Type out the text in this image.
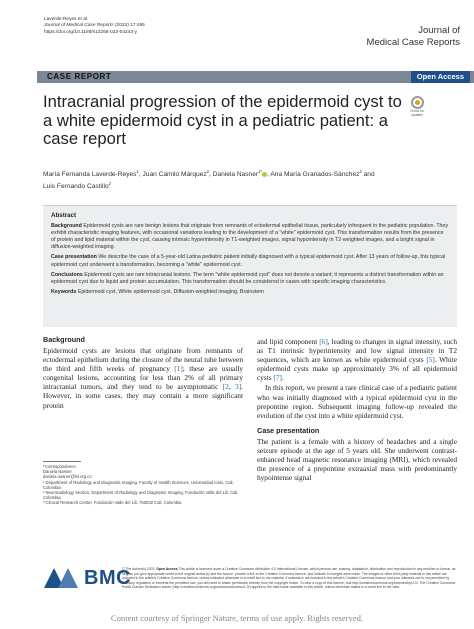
Laverde-Reyes et al.
Journal of Medical Case Reports (2023) 17:495
https://doi.org/10.1186/s13256-023-04243-y	Journal of
Medical Case Reports
CASE REPORT	Open Access
Intracranial progression of the epidermoid cyst to a white epidermoid cyst in a pediatric patient: a case report
Check for
updates
María Fernanda Laverde-Reyes$^1$, Juan Camilo Márquez$^2$, Daniela Nasner$^{1*}$ , Ana María Granados-Sánchez$^2$ and
Luis Fernando Castillo$^2$
Abstract
Background Epidermoid cysts are rare benign lesions that originate from remnants of ectodermal epithelial tissue, particularly infrequent in the pediatric population. They exhibit characteristic imaging features, with occasional variations leading to the development of a "white" epidermoid cyst. This transformation results from the presence of protein and lipid material within the cyst, causing intrinsic hyperintensity in T1-weighted images, signal hypointensity in T2-weighted images, and a bright signal in diffusion-weighted imaging.
Case presentation We describe the case of a 5-year-old Latina pediatric patient initially diagnosed with a typical epidermoid cyst. After 13 years of follow-up, this typical epidermoid cyst underwent a transformation, becoming a "white" epidermoid cyst.
Conclusions Epidermoid cysts are rare intracranial lesions. The term "white epidermoid cyst" does not denote a variant; it represents a distinct transformation within an epidermoid cyst due to liquid and protein accumulation. This transformation should be considered in cases with specific imaging characteristics.
Keywords Epidermoid cyst, White epidermoid cyst, Diffusion-weighted imaging, Brainstem
Background

Epidermoid cysts are lesions that originate from remnants of ectodermal epithelium during the closure of the neural tube between the third and fifth weeks of pregnancy [1]; these are usually congenital lesions, accounting for less than 2% of all primary intracranial tumors, and they tend to be asymptomatic [2, 3]. However, in some cases, they may contain a more significant protein

and lipid component [6], leading to changes in signal intensity, such as T1 intrinsic hyperintensity and low signal intensity in T2 sequences, which are known as white epidermoid cysts [5]. White epidermoid cysts make up approximately 3% of all epidermoid cysts [7].

In this report, we present a rare clinical case of a pediatric patient who was initially diagnosed with a typical epidermoid cyst in the prepontine region. Subsequent imaging follow-up revealed the evolution of the cyst into a white epidermoid cyst.

Case presentation

The patient is a female with a history of headaches and a single seizure episode at the age of 5 years old. She underwent contrast-enhanced head magnetic resonance imaging (MRI), which revealed the presence of a prepontine extraaxial mass with predominantly hypointense signal

*Correspondence:
Daniela Nasner
daniela.nasner@fvl.org.co
¹ Department of Radiology and Diagnostic Imaging, Faculty of Health Sciences, Universidad Icesi, Cali, Colombia
² Neuroradiology Section, Department of Radiology and Diagnostic Imaging, Fundación Valle del Lili, Cali, Colombia
³ Clinical Research Center, Fundación Valle del Lili, 760032 Cali, Colombia
BMC
© The Author(s) 2023. Open Access This article is licensed under a Creative Commons Attribution 4.0 International License, which permits use, sharing, adaptation, distribution and reproduction in any medium or format, as long as you give appropriate credit to the original author(s) and the source, provide a link to the Creative Commons licence, and indicate if changes were made. The images or other third party material in this article are included in the article's Creative Commons licence, unless indicated otherwise in a credit line to the material. If material is not included in the article's Creative Commons licence and your intended use is not permitted by statutory regulation or exceeds the permitted use, you will need to obtain permission directly from the copyright holder. To view a copy of this licence, visit http://creativecommons.org/licenses/by/4.0/. The Creative Commons Public Domain Dedication waiver (http://creativecommons.org/publicdomain/zero/1.0/) applies to the data made available in this article, unless otherwise stated in a credit line to the data.
Content courtesy of Springer Nature, terms of use apply. Rights reserved.
